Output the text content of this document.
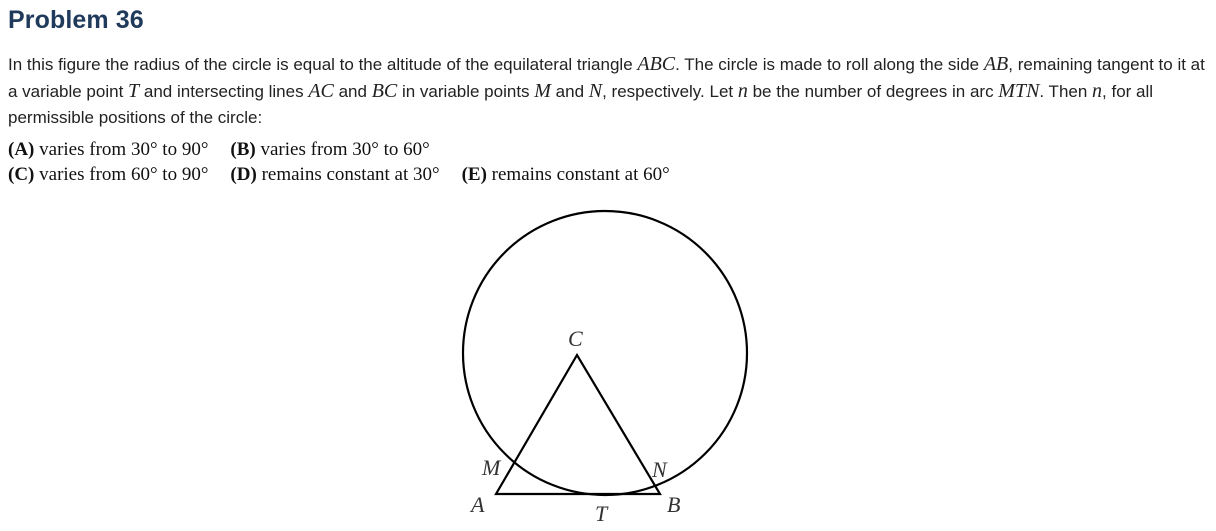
Problem 36

In this figure the radius of the circle is equal to the altitude of the equilateral triangle ABC. The circle is made to roll along the side AB, remaining tangent to it at a variable point T and intersecting lines AC and BC in variable points M and N, respectively. Let n be the number of degrees in arc MTN. Then n, for all permissible positions of the circle:

(A) varies from 30° to 90° (B) varies from 30° to 60°
(C) varies from 60° to 90° (D) remains constant at 30° (E) remains constant at 60°
C
M	N
A	B
T
